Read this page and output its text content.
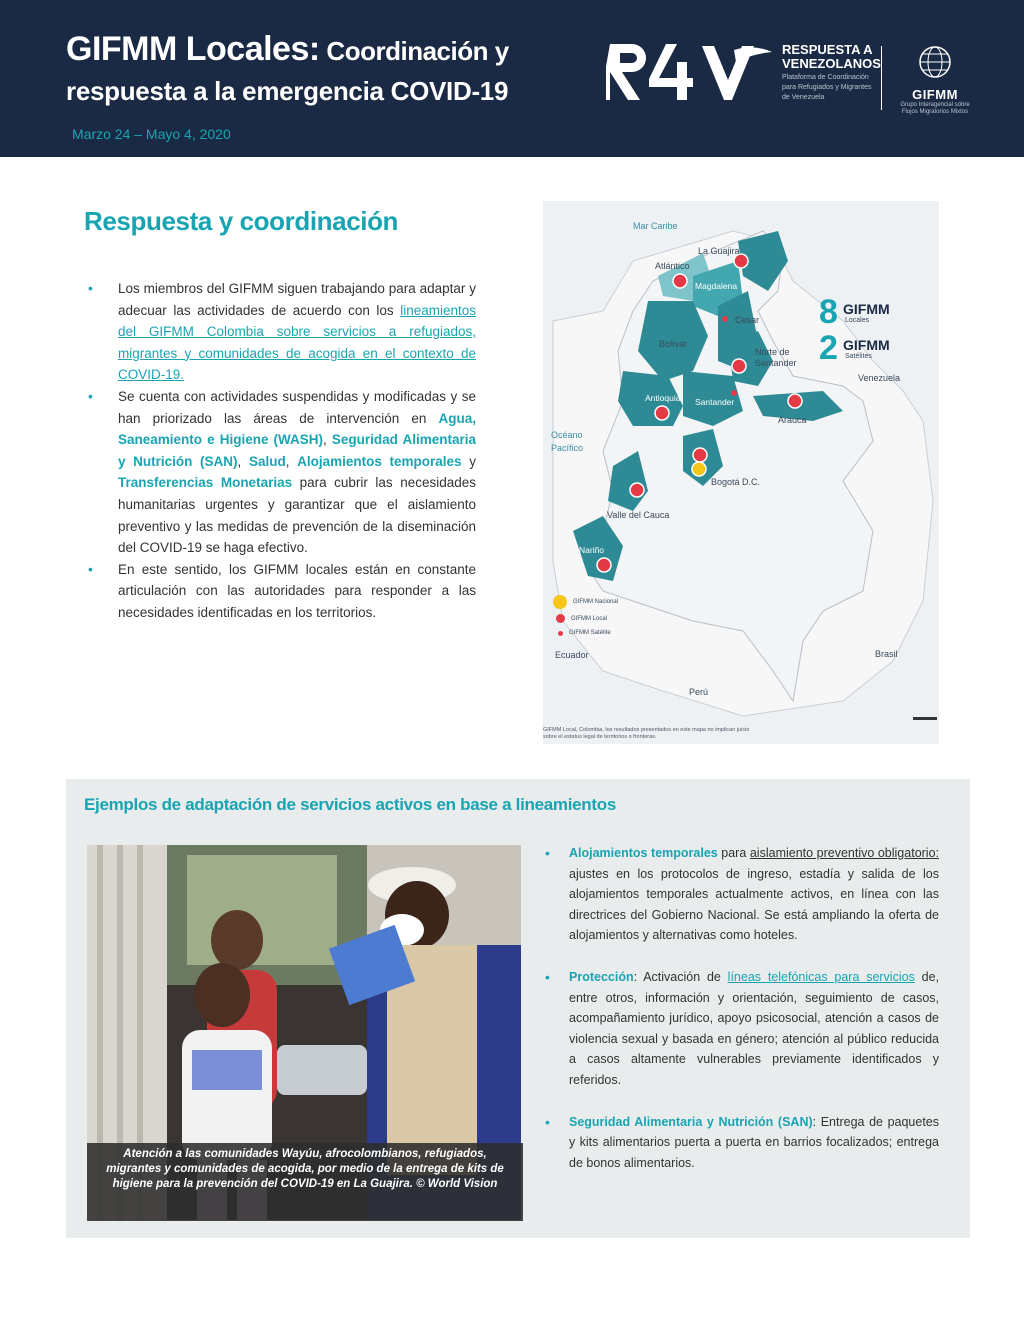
GIFMM Locales: Coordinación y
respuesta a la emergencia COVID-19
Marzo 24 – Mayo 4, 2020
RESPUESTA A VENEZOLANOS
Plataforma de Coordinación para Refugiados y Migrantes de Venezuela	GIFMM
Grupo Interagencial sobre Flujos Migratorios Mixtos
Respuesta y coordinación
• Los miembros del GIFMM siguen trabajando para adaptar y adecuar las actividades de acuerdo con los lineamientos del GIFMM Colombia sobre servicios a refugiados, migrantes y comunidades de acogida en el contexto de COVID-19.
• Se cuenta con actividades suspendidas y modificadas y se han priorizado las áreas de intervención en Agua, Saneamiento e Higiene (WASH), Seguridad Alimentaria y Nutrición (SAN), Salud, Alojamientos temporales y Transferencias Monetarias para cubrir las necesidades humanitarias urgentes y garantizar que el aislamiento preventivo y las medidas de prevención de la diseminación del COVID-19 se haga efectivo.
• En este sentido, los GIFMM locales están en constante articulación con las autoridades para responder a las necesidades identificadas en los territorios.
Mar Caribe
La Guajira
Atlántico
Magdalena
Cesar
Bolívar
Norte de Santander
Antioquia Santander
Arauca
Venezuela
Océano Pacífico
Bogotá D.C.
Valle del Cauca
Nariño
Ecuador	Brasil
Perú
8 GIFMM
Locales
2 GIFMM
Satélites
GIFMM Nacional
GIFMM Local
GIFMM Satélite
GIFMM Local, Colombia, los resultados presentados en este mapa no implican juicio sobre el estatus legal de territorios o fronteras.
Ejemplos de adaptación de servicios activos en base a lineamientos
Atención a las comunidades Wayúu, afrocolombianos, refugiados, migrantes y comunidades de acogida, por medio de la entrega de kits de higiene para la prevención del COVID-19 en La Guajira. © World Vision
• Alojamientos temporales para aislamiento preventivo obligatorio: ajustes en los protocolos de ingreso, estadía y salida de los alojamientos temporales actualmente activos, en línea con las directrices del Gobierno Nacional. Se está ampliando la oferta de alojamientos y alternativas como hoteles.
• Protección: Activación de líneas telefónicas para servicios de, entre otros, información y orientación, seguimiento de casos, acompañamiento jurídico, apoyo psicosocial, atención a casos de violencia sexual y basada en género; atención al público reducida a casos altamente vulnerables previamente identificados y referidos.
• Seguridad Alimentaria y Nutrición (SAN): Entrega de paquetes y kits alimentarios puerta a puerta en barrios focalizados; entrega de bonos alimentarios.
